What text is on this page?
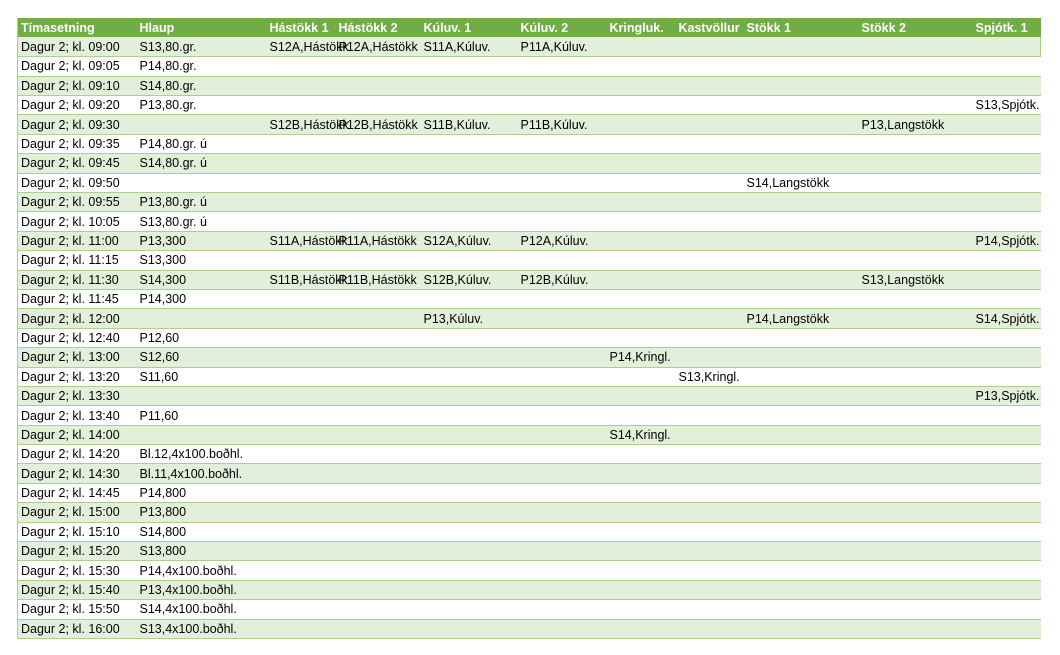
Tímasetning	Hlaup	Hástökk 1	Hástökk 2	Kúluv. 1	Kúluv. 2	Kringluk.	Kastvöllur	Stökk 1	Stökk 2	Spjótk. 1
Dagur 2; kl. 09:00	S13,80.gr.	S12A,Hástökk	P12A,Hástökk	S11A,Kúluv.	P11A,Kúluv.					
Dagur 2; kl. 09:05	P14,80.gr.									
Dagur 2; kl. 09:10	S14,80.gr.									
Dagur 2; kl. 09:20	P13,80.gr.									S13,Spjótk.
Dagur 2; kl. 09:30		S12B,Hástökk	P12B,Hástökk	S11B,Kúluv.	P11B,Kúluv.				P13,Langstökk	
Dagur 2; kl. 09:35	P14,80.gr. ú									
Dagur 2; kl. 09:45	S14,80.gr. ú									
Dagur 2; kl. 09:50								S14,Langstökk		
Dagur 2; kl. 09:55	P13,80.gr. ú									
Dagur 2; kl. 10:05	S13,80.gr. ú									
Dagur 2; kl. 11:00	P13,300	S11A,Hástökk	P11A,Hástökk	S12A,Kúluv.	P12A,Kúluv.					P14,Spjótk.
Dagur 2; kl. 11:15	S13,300									
Dagur 2; kl. 11:30	S14,300	S11B,Hástökk	P11B,Hástökk	S12B,Kúluv.	P12B,Kúluv.				S13,Langstökk	
Dagur 2; kl. 11:45	P14,300									
Dagur 2; kl. 12:00				P13,Kúluv.				P14,Langstökk		S14,Spjótk.
Dagur 2; kl. 12:40	P12,60									
Dagur 2; kl. 13:00	S12,60					P14,Kringl.				
Dagur 2; kl. 13:20	S11,60						S13,Kringl.			
Dagur 2; kl. 13:30										P13,Spjótk.
Dagur 2; kl. 13:40	P11,60									
Dagur 2; kl. 14:00						S14,Kringl.				
Dagur 2; kl. 14:20	Bl.12,4x100.boðhl.									
Dagur 2; kl. 14:30	Bl.11,4x100.boðhl.									
Dagur 2; kl. 14:45	P14,800									
Dagur 2; kl. 15:00	P13,800									
Dagur 2; kl. 15:10	S14,800									
Dagur 2; kl. 15:20	S13,800									
Dagur 2; kl. 15:30	P14,4x100.boðhl.									
Dagur 2; kl. 15:40	P13,4x100.boðhl.									
Dagur 2; kl. 15:50	S14,4x100.boðhl.									
Dagur 2; kl. 16:00	S13,4x100.boðhl.									
